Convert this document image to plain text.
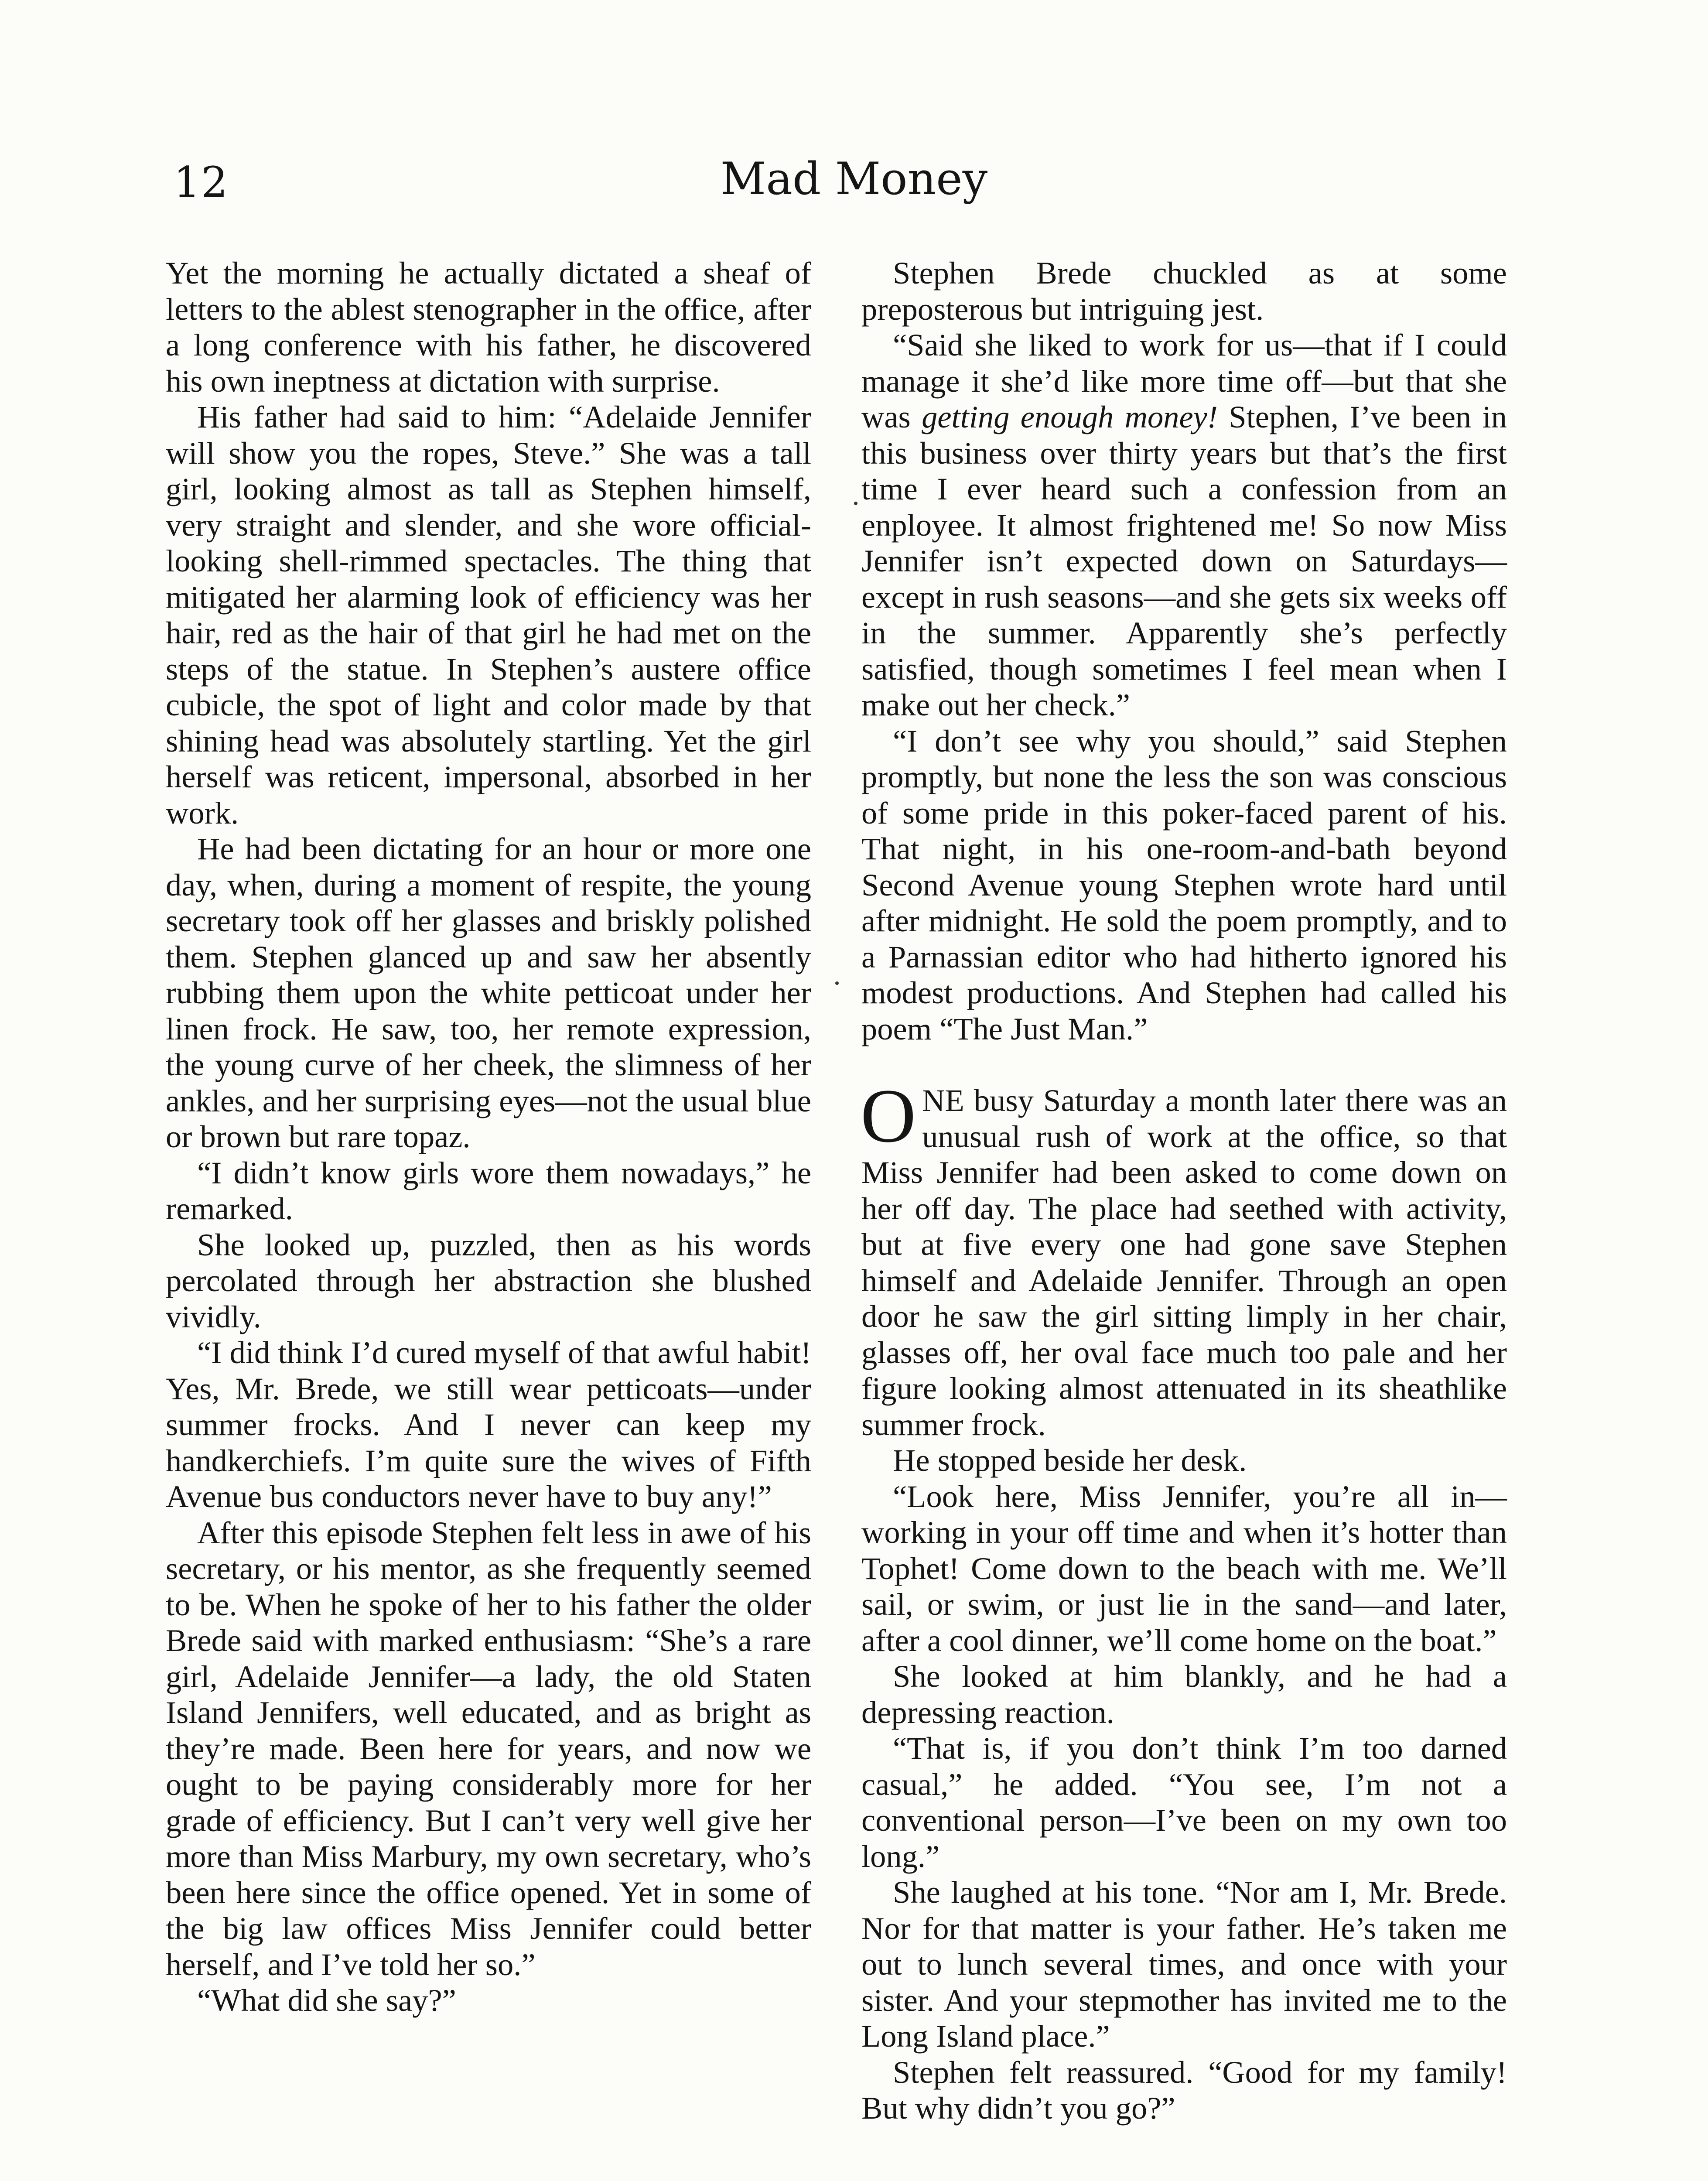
12	Mad Money

Yet the morning he actually dictated a sheaf of letters to the ablest stenographer in the office, after a long conference with his father, he discovered his own ineptness at dictation with surprise.

His father had said to him: “Adelaide Jennifer will show you the ropes, Steve.” She was a tall girl, looking almost as tall as Stephen himself, very straight and slender, and she wore official-looking shell-rimmed spectacles. The thing that mitigated her alarming look of efficiency was her hair, red as the hair of that girl he had met on the steps of the statue. In Stephen’s austere office cubicle, the spot of light and color made by that shining head was absolutely startling. Yet the girl herself was reticent, impersonal, absorbed in her work.

He had been dictating for an hour or more one day, when, during a moment of respite, the young secretary took off her glasses and briskly polished them. Stephen glanced up and saw her absently rubbing them upon the white petticoat under her linen frock. He saw, too, her remote expression, the young curve of her cheek, the slimness of her ankles, and her surprising eyes—not the usual blue or brown but rare topaz.

“I didn’t know girls wore them nowadays,” he remarked.

She looked up, puzzled, then as his words percolated through her abstraction she blushed vividly.

“I did think I’d cured myself of that awful habit! Yes, Mr. Brede, we still wear petticoats—under summer frocks. And I never can keep my handkerchiefs. I’m quite sure the wives of Fifth Avenue bus conductors never have to buy any!”

After this episode Stephen felt less in awe of his secretary, or his mentor, as she frequently seemed to be. When he spoke of her to his father the older Brede said with marked enthusiasm: “She’s a rare girl, Adelaide Jennifer—a lady, the old Staten Island Jennifers, well educated, and as bright as they’re made. Been here for years, and now we ought to be paying considerably more for her grade of efficiency. But I can’t very well give her more than Miss Marbury, my own secretary, who’s been here since the office opened. Yet in some of the big law offices Miss Jennifer could better herself, and I’ve told her so.”

“What did she say?”

Stephen Brede chuckled as at some preposterous but intriguing jest.

“Said she liked to work for us—that if I could manage it she’d like more time off—but that she was getting enough money! Stephen, I’ve been in this business over thirty years but that’s the first time I ever heard such a confession from an enployee. It almost frightened me! So now Miss Jennifer isn’t expected down on Saturdays—except in rush seasons—and she gets six weeks off in the summer. Apparently she’s perfectly satisfied, though sometimes I feel mean when I make out her check.”

“I don’t see why you should,” said Stephen promptly, but none the less the son was conscious of some pride in this poker-faced parent of his. That night, in his one-room-and-bath beyond Second Avenue young Stephen wrote hard until after midnight. He sold the poem promptly, and to a Parnassian editor who had hitherto ignored his modest productions. And Stephen had called his poem “The Just Man.”

ONE busy Saturday a month later there was an unusual rush of work at the office, so that Miss Jennifer had been asked to come down on her off day. The place had seethed with activity, but at five every one had gone save Stephen himself and Adelaide Jennifer. Through an open door he saw the girl sitting limply in her chair, glasses off, her oval face much too pale and her figure looking almost attenuated in its sheathlike summer frock.

He stopped beside her desk.

“Look here, Miss Jennifer, you’re all in—working in your off time and when it’s hotter than Tophet! Come down to the beach with me. We’ll sail, or swim, or just lie in the sand—and later, after a cool dinner, we’ll come home on the boat.”

She looked at him blankly, and he had a depressing reaction.

“That is, if you don’t think I’m too darned casual,” he added. “You see, I’m not a conventional person—I’ve been on my own too long.”

She laughed at his tone. “Nor am I, Mr. Brede. Nor for that matter is your father. He’s taken me out to lunch several times, and once with your sister. And your stepmother has invited me to the Long Island place.”

Stephen felt reassured. “Good for my family! But why didn’t you go?”
